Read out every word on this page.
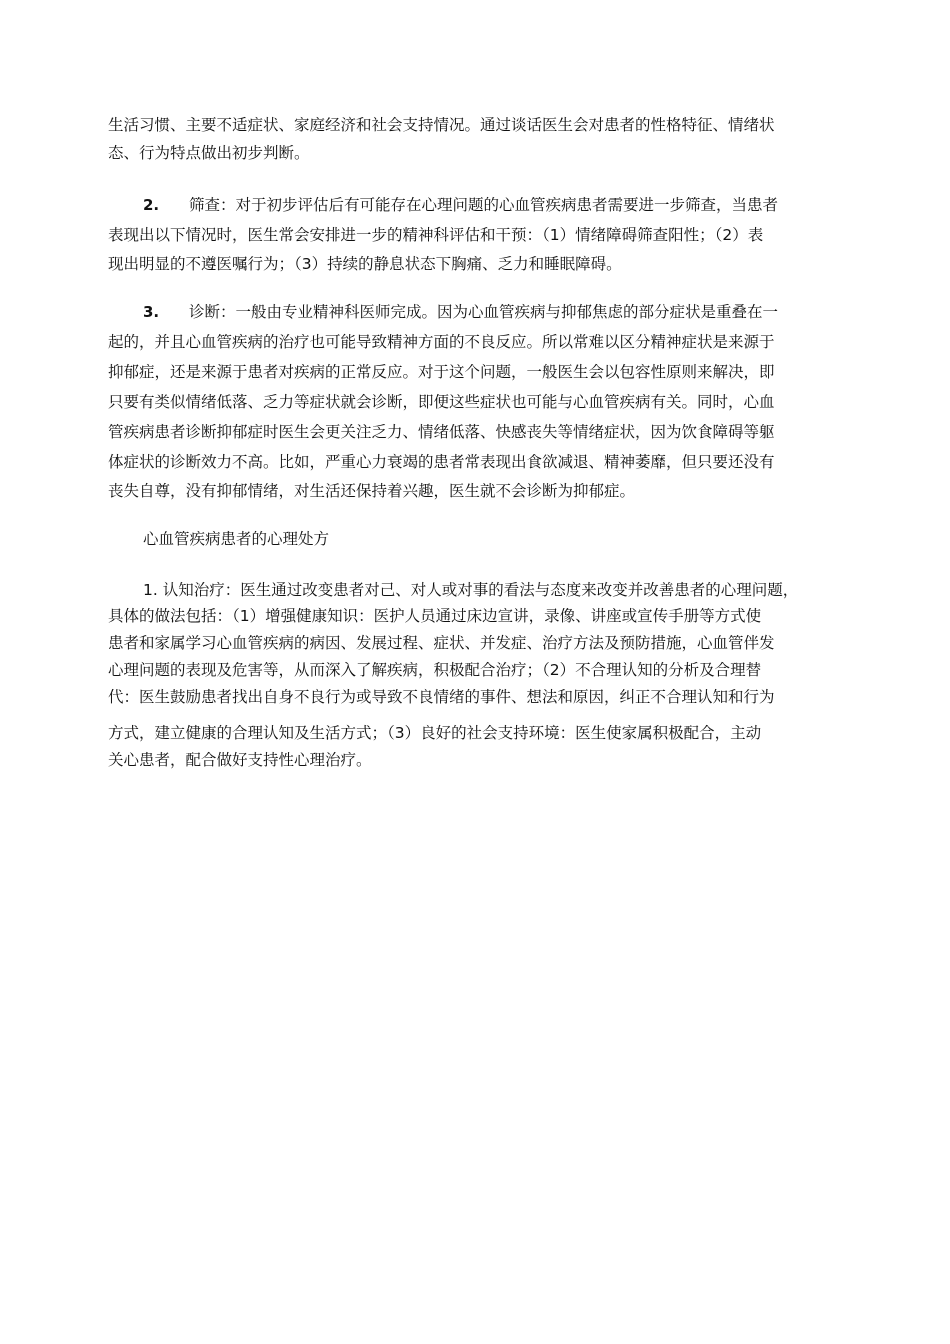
生活习惯、主要不适症状、家庭经济和社会支持情况。通过谈话医生会对患者的性格特征、情绪状
态、行为特点做出初步判断。
2. 筛查：对于初步评估后有可能存在心理问题的心血管疾病患者需要进一步筛查，当患者
表现出以下情况时，医生常会安排进一步的精神科评估和干预：（1）情绪障碍筛查阳性；（2）表
现出明显的不遵医嘱行为；（3）持续的静息状态下胸痛、乏力和睡眠障碍。
3. 诊断：一般由专业精神科医师完成。因为心血管疾病与抑郁焦虑的部分症状是重叠在一
起的，并且心血管疾病的治疗也可能导致精神方面的不良反应。所以常难以区分精神症状是来源于
抑郁症，还是来源于患者对疾病的正常反应。对于这个问题，一般医生会以包容性原则来解决，即
只要有类似情绪低落、乏力等症状就会诊断，即便这些症状也可能与心血管疾病有关。同时，心血
管疾病患者诊断抑郁症时医生会更关注乏力、情绪低落、快感丧失等情绪症状，因为饮食障碍等躯
体症状的诊断效力不高。比如，严重心力衰竭的患者常表现出食欲减退、精神萎靡，但只要还没有
丧失自尊，没有抑郁情绪，对生活还保持着兴趣，医生就不会诊断为抑郁症。
心血管疾病患者的心理处方
1. 认知治疗：医生通过改变患者对己、对人或对事的看法与态度来改变并改善患者的心理问题，
具体的做法包括：（1）增强健康知识：医护人员通过床边宣讲，录像、讲座或宣传手册等方式使
患者和家属学习心血管疾病的病因、发展过程、症状、并发症、治疗方法及预防措施，心血管伴发
心理问题的表现及危害等，从而深入了解疾病，积极配合治疗；（2）不合理认知的分析及合理替
代：医生鼓励患者找出自身不良行为或导致不良情绪的事件、想法和原因，纠正不合理认知和行为
方式，建立健康的合理认知及生活方式；（3）良好的社会支持环境：医生使家属积极配合，主动
关心患者，配合做好支持性心理治疗。
